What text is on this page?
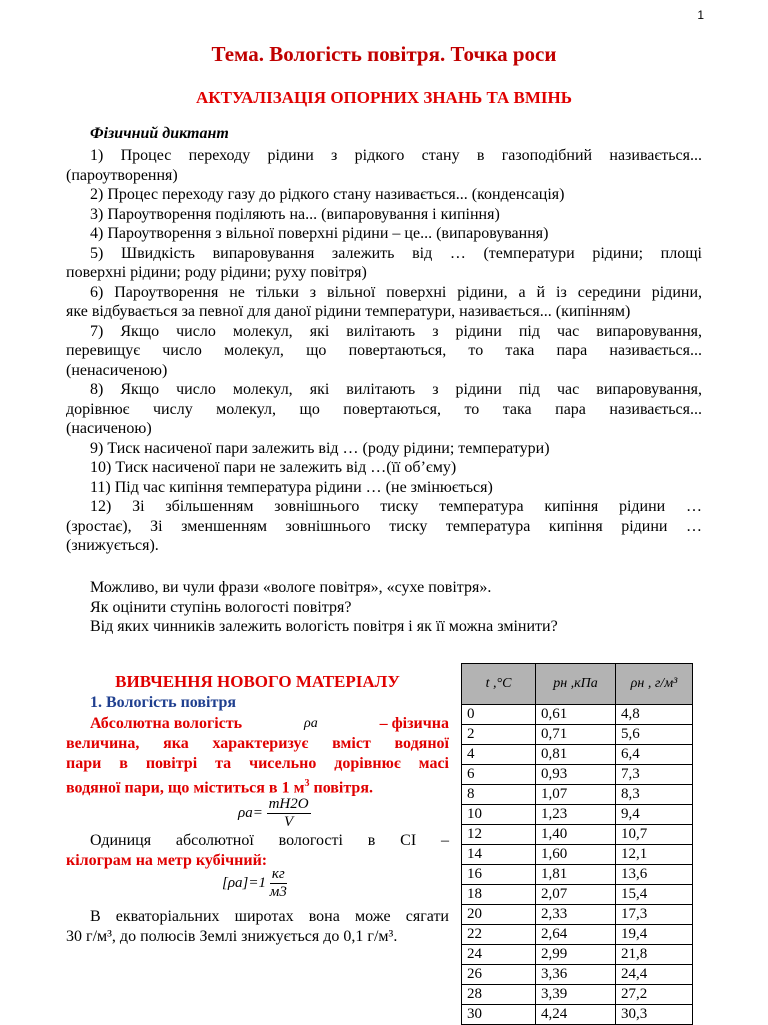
1
Тема. Вологість повітря. Точка роси
АКТУАЛІЗАЦІЯ ОПОРНИХ ЗНАНЬ ТА ВМІНЬ
Фізичний диктант
1) Процес переходу рідини з рідкого стану в газоподібний називається...
(пароутворення)
2) Процес переходу газу до рідкого стану називається... (конденсація)
3) Пароутворення поділяють на... (випаровування і кипіння)
4) Пароутворення з вільної поверхні рідини – це... (випаровування)
5) Швидкість випаровування залежить від … (температури рідини; площі
поверхні рідини; роду рідини; руху повітря)
6) Пароутворення не тільки з вільної поверхні рідини, а й із середини рідини,
яке відбувається за певної для даної рідини температури, називається... (кипінням)
7) Якщо число молекул, які вилітають з рідини під час випаровування,
перевищує число молекул, що повертаються, то така пара називається...
(ненасиченою)
8) Якщо число молекул, які вилітають з рідини під час випаровування,
дорівнює числу молекул, що повертаються, то така пара називається...
(насиченою)
9) Тиск насиченої пари залежить від … (роду рідини; температури)
10) Тиск насиченої пари не залежить від …(її об’єму)
11) Під час кипіння температура рідини … (не змінюється)
12) Зі збільшенням зовнішнього тиску температура кипіння рідини …
(зростає), Зі зменшенням зовнішнього тиску температура кипіння рідини …
(знижується).
Можливо, ви чули фрази «вологе повітря», «сухе повітря».
Як оцінити ступінь вологості повітря?
Від яких чинників залежить вологість повітря і як її можна змінити?
ВИВЧЕННЯ НОВОГО МАТЕРІАЛУ
1. Вологість повітря
Абсолютна вологість	ρa	– фізична
величина, яка характеризує вміст водяної
пари в повітрі та чисельно дорівнює масі
водяної пари, що міститься в 1 $м^3$ повітря.
$\rho a= \frac{mH2O}{V}$
Одиниця абсолютної вологості в СІ –
кілограм на метр кубічний:
$[\rho a]=1 \frac{кг}{м3}$
В екваторіальних широтах вона може сягати
30 г/м³, до полюсів Землі знижується до 0,1 г/м³.
t ,°C	pн ,кПа	ρн , г/м³
0	0,61	4,8
2	0,71	5,6
4	0,81	6,4
6	0,93	7,3
8	1,07	8,3
10	1,23	9,4
12	1,40	10,7
14	1,60	12,1
16	1,81	13,6
18	2,07	15,4
20	2,33	17,3
22	2,64	19,4
24	2,99	21,8
26	3,36	24,4
28	3,39	27,2
30	4,24	30,3
